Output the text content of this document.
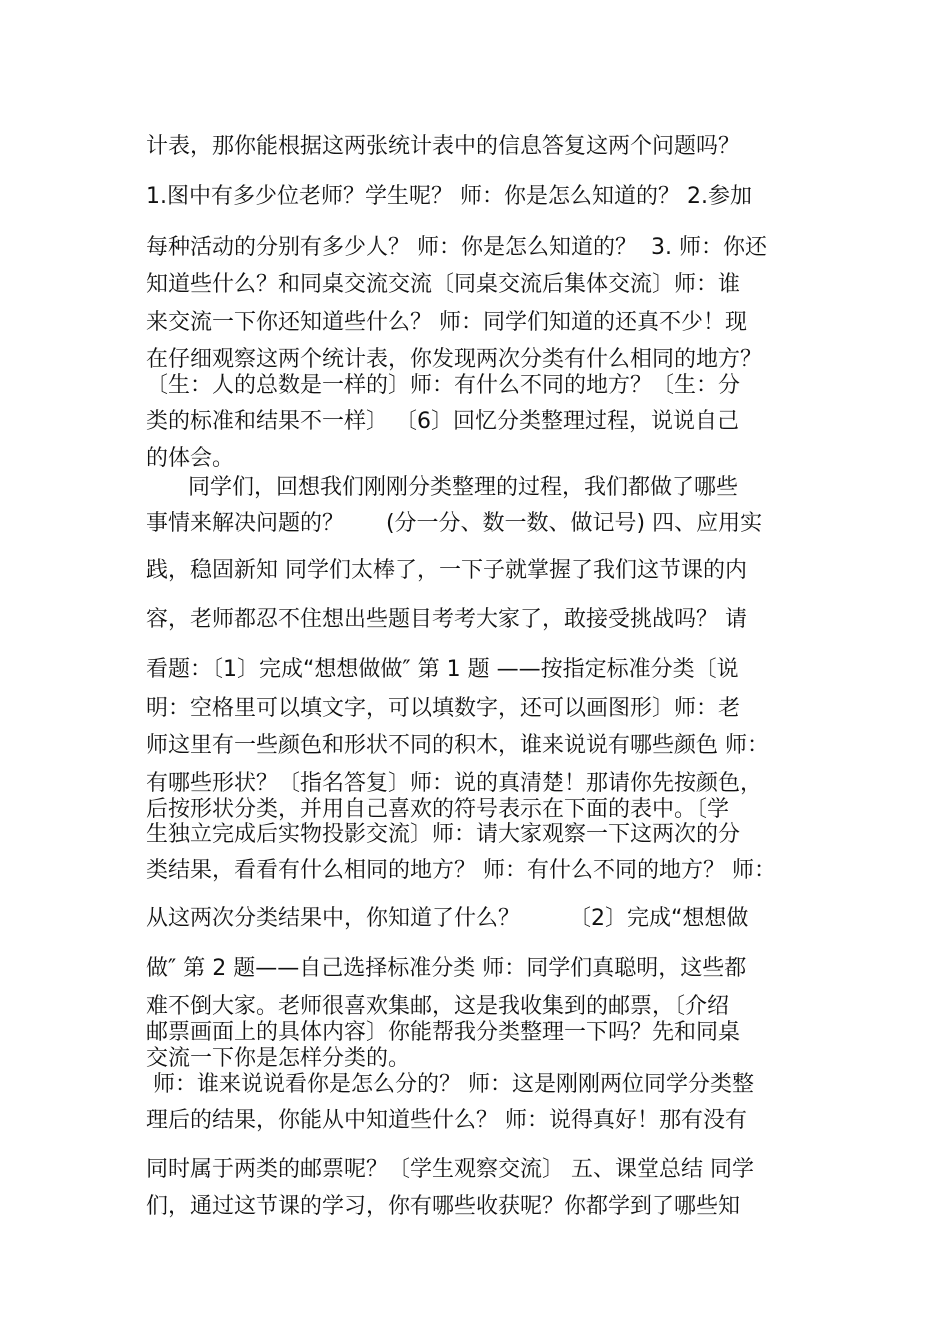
计表，那你能根据这两张统计表中的信息答复这两个问题吗？
1.图中有多少位老师？学生呢？ 师：你是怎么知道的？ 2.参加
每种活动的分别有多少人？ 师：你是怎么知道的？  3. 师：你还
知道些什么？和同桌交流交流〔同桌交流后集体交流〕师：谁
来交流一下你还知道些什么？ 师：同学们知道的还真不少！现
在仔细观察这两个统计表，你发现两次分类有什么相同的地方？
〔生：人的总数是一样的〕师：有什么不同的地方？〔生：分
类的标准和结果不一样〕 〔6〕回忆分类整理过程，说说自己
的体会。
同学们，回想我们刚刚分类整理的过程，我们都做了哪些
事情来解决问题的？      (分一分、数一数、做记号) 四、应用实
践，稳固新知 同学们太棒了，一下子就掌握了我们这节课的内
容，老师都忍不住想出些题目考考大家了，敢接受挑战吗？ 请
看题：〔1〕完成“想想做做″ 第 1 题 ——按指定标准分类〔说
明：空格里可以填文字，可以填数字，还可以画图形〕师：老
师这里有一些颜色和形状不同的积木，谁来说说有哪些颜色 师：
有哪些形状？〔指名答复〕师：说的真清楚！那请你先按颜色，
后按形状分类，并用自己喜欢的符号表示在下面的表中。〔学
生独立完成后实物投影交流〕师：请大家观察一下这两次的分
类结果，看看有什么相同的地方？ 师：有什么不同的地方？ 师：
从这两次分类结果中，你知道了什么？       〔2〕完成“想想做
做″ 第 2 题——自己选择标准分类 师：同学们真聪明，这些都
难不倒大家。老师很喜欢集邮，这是我收集到的邮票，〔介绍
邮票画面上的具体内容〕你能帮我分类整理一下吗？先和同桌
交流一下你是怎样分类的。
师：谁来说说看你是怎么分的？ 师：这是刚刚两位同学分类整
理后的结果，你能从中知道些什么？ 师：说得真好！那有没有
同时属于两类的邮票呢？〔学生观察交流〕 五、课堂总结 同学
们，通过这节课的学习，你有哪些收获呢？你都学到了哪些知
